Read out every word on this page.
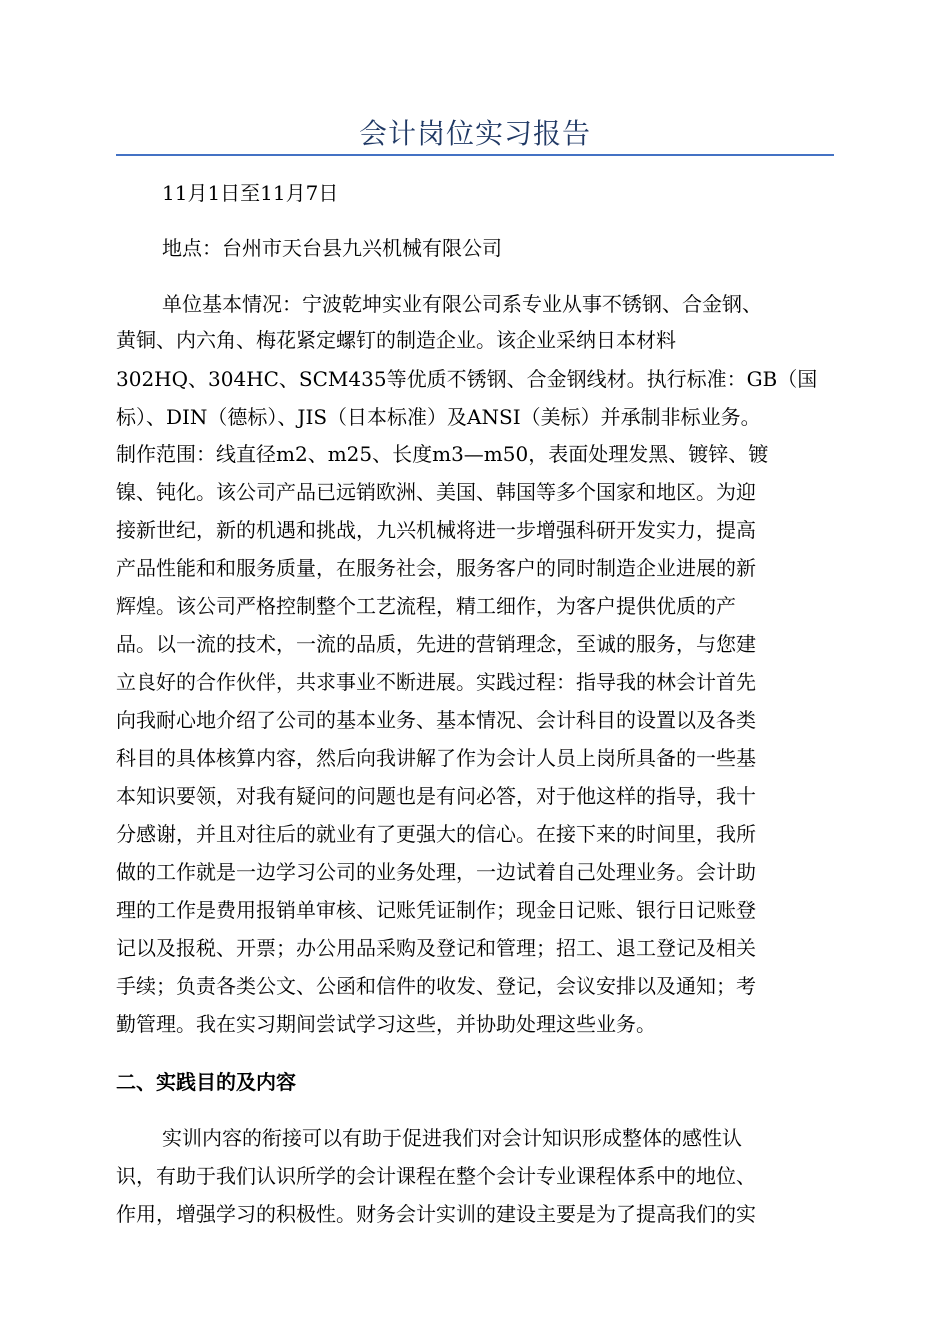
会计岗位实习报告
11月1日至11月7日
地点：台州市天台县九兴机械有限公司
单位基本情况：宁波乾坤实业有限公司系专业从事不锈钢、合金钢、
黄铜、内六角、梅花紧定螺钉的制造企业。该企业采纳日本材料
302HQ、304HC、SCM435等优质不锈钢、合金钢线材。执行标准：GB（国
标）、DIN（德标）、JIS（日本标准）及ANSI（美标）并承制非标业务。
制作范围：线直径m2、m25、长度m3—m50，表面处理发黑、镀锌、镀
镍、钝化。该公司产品已远销欧洲、美国、韩国等多个国家和地区。为迎
接新世纪，新的机遇和挑战，九兴机械将进一步增强科研开发实力，提高
产品性能和和服务质量，在服务社会，服务客户的同时制造企业进展的新
辉煌。该公司严格控制整个工艺流程，精工细作，为客户提供优质的产
品。以一流的技术，一流的品质，先进的营销理念，至诚的服务，与您建
立良好的合作伙伴，共求事业不断进展。实践过程：指导我的林会计首先
向我耐心地介绍了公司的基本业务、基本情况、会计科目的设置以及各类
科目的具体核算内容，然后向我讲解了作为会计人员上岗所具备的一些基
本知识要领，对我有疑问的问题也是有问必答，对于他这样的指导，我十
分感谢，并且对往后的就业有了更强大的信心。在接下来的时间里，我所
做的工作就是一边学习公司的业务处理，一边试着自己处理业务。会计助
理的工作是费用报销单审核、记账凭证制作；现金日记账、银行日记账登
记以及报税、开票；办公用品采购及登记和管理；招工、退工登记及相关
手续；负责各类公文、公函和信件的收发、登记，会议安排以及通知；考
勤管理。我在实习期间尝试学习这些，并协助处理这些业务。
二、实践目的及内容
实训内容的衔接可以有助于促进我们对会计知识形成整体的感性认
识，有助于我们认识所学的会计课程在整个会计专业课程体系中的地位、
作用，增强学习的积极性。财务会计实训的建设主要是为了提高我们的实
